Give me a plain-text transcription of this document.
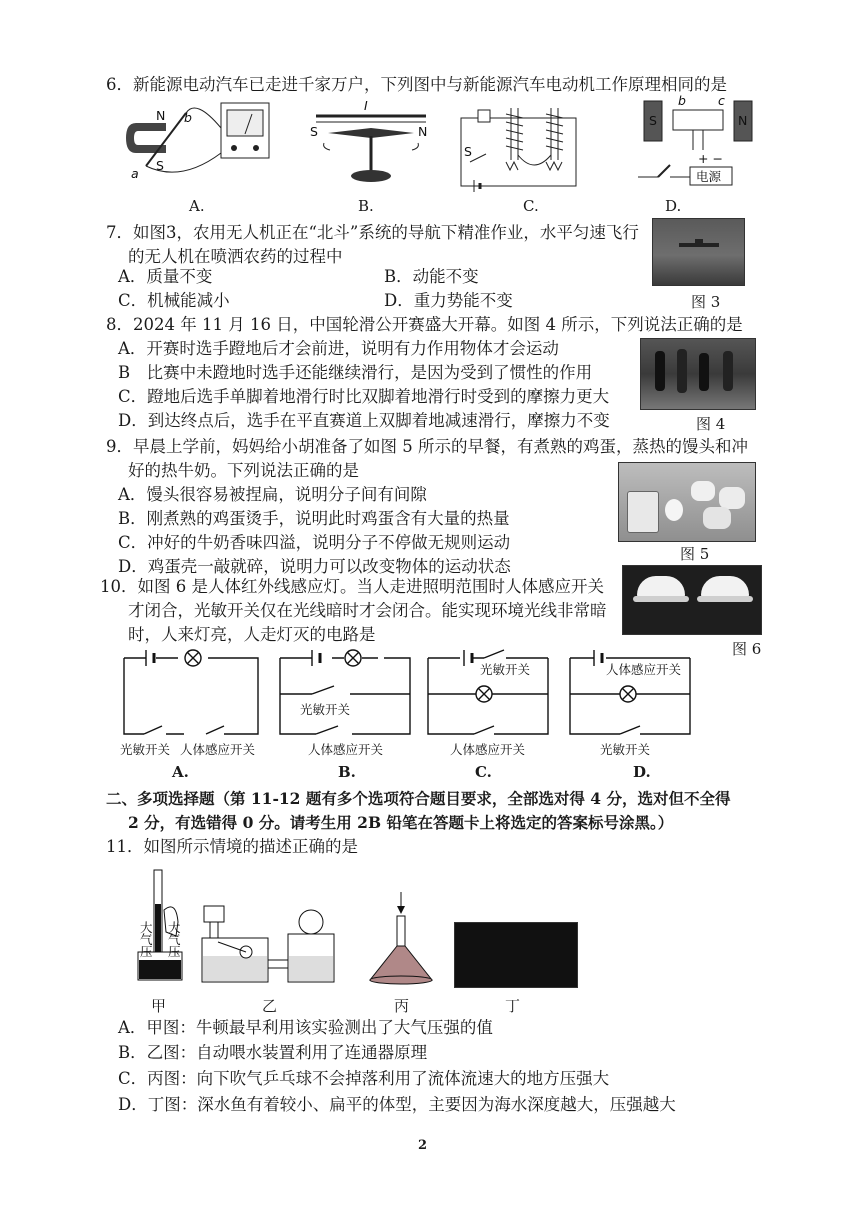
6．新能源电动汽车已走进千家万户，下列图中与新能源汽车电动机工作原理相同的是
N
S
a
b
I
S	N
S
S	N
b	c
电源
+ −
A.	B.	C.	D.
7．如图3，农用无人机正在“北斗”系统的导航下精准作业，水平匀速飞行
的无人机在喷洒农药的过程中
A．质量不变	B．动能不变
C．机械能减小	D．重力势能不变	图 3
8．2024 年 11 月 16 日，中国轮滑公开赛盛大开幕。如图 4 所示，下列说法正确的是
A．开赛时选手蹬地后才会前进，说明有力作用物体才会运动
B　比赛中未蹬地时选手还能继续滑行，是因为受到了惯性的作用
C．蹬地后选手单脚着地滑行时比双脚着地滑行时受到的摩擦力更大
D．到达终点后，选手在平直赛道上双脚着地减速滑行，摩擦力不变	图 4
9．早晨上学前，妈妈给小胡准备了如图 5 所示的早餐，有煮熟的鸡蛋，蒸热的馒头和冲
好的热牛奶。下列说法正确的是
A．馒头很容易被捏扁，说明分子间有间隙
B．刚煮熟的鸡蛋烫手，说明此时鸡蛋含有大量的热量
C．冲好的牛奶香味四溢，说明分子不停做无规则运动
D．鸡蛋壳一敲就碎，说明力可以改变物体的运动状态
图 5
10．如图 6 是人体红外线感应灯。当人走进照明范围时人体感应开关
才闭合，光敏开关仅在光线暗时才会闭合。能实现环境光线非常暗
时，人来灯亮，人走灯灭的电路是
图 6
光敏开关 人体感应开关
光敏开关
人体感应开关
光敏开关
人体感应开关
人体感应开关
光敏开关
A.	B.	C.	D.
二、多项选择题（第 11-12 题有多个选项符合题目要求，全部选对得 4 分，选对但不全得
2 分，有选错得 0 分。请考生用 2B 铅笔在答题卡上将选定的答案标号涂黑。）
11．如图所示情境的描述正确的是
大
气
压
大
气
压
甲	乙	丙	丁
A．甲图：牛顿最早利用该实验测出了大气压强的值
B．乙图：自动喂水装置利用了连通器原理
C．丙图：向下吹气乒乓球不会掉落利用了流体流速大的地方压强大
D．丁图：深水鱼有着较小、扁平的体型，主要因为海水深度越大，压强越大
2
